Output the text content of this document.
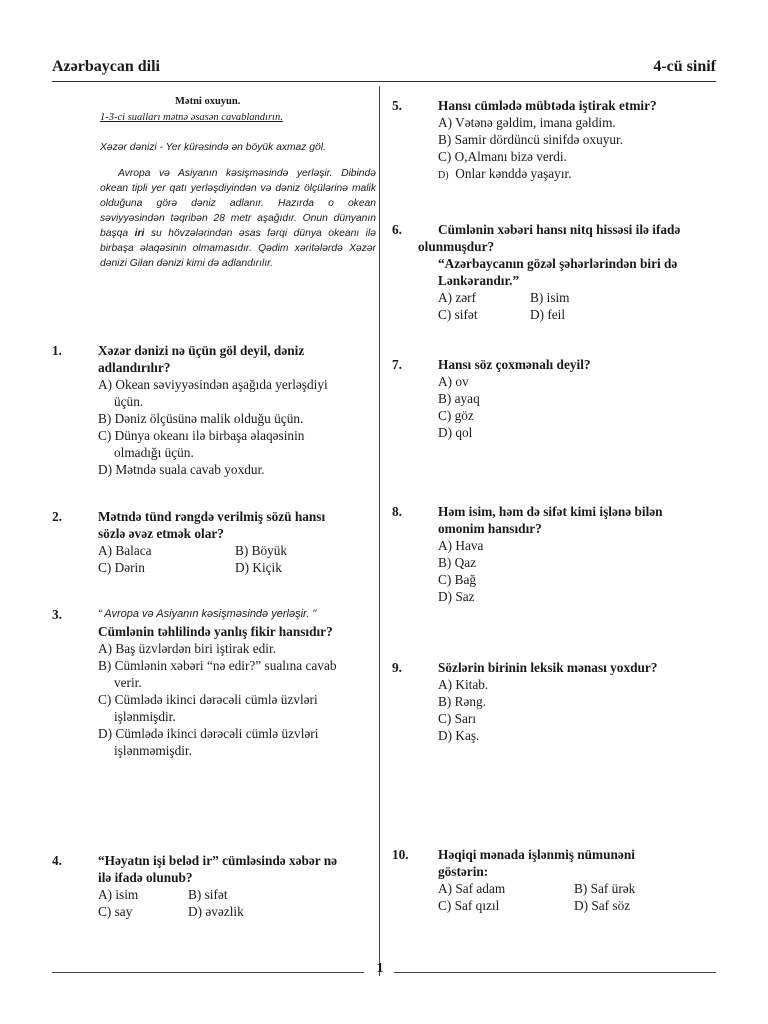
Azərbaycan dili	4-cü sinif
Mətni oxuyun.
1-3-ci sualları mətnə əsasən cavablandırın.
Xəzər dənizi - Yer kürəsində ən böyük axmaz göl.

Avropa və Asiyanın kəsişməsində yerləşir. Dibində okean tipli yer qatı yerləşdiyindən və dəniz ölçülərinə malik olduğuna görə dəniz adlanır. Hazırda o okean səviyyəsindən təqribən 28 metr aşağıdır. Onun dünyanın başqa iri su hövzələrindən əsas fərqi dünya okeanı ilə birbaşa əlaqəsinin olmamasıdır. Qədim xəritələrdə Xəzər dənizi Gilan dənizi kimi də adlandırılır.

1.	Xəzər dənizi nə üçün göl deyil, dəniz
adlandırılır?
A) Okean səviyyəsindən aşağıda yerləşdiyi
üçün.
B) Dəniz ölçüsünə malik olduğu üçün.
C) Dünya okeanı ilə birbaşa əlaqəsinin
olmadığı üçün.
D) Mətndə suala cavab yoxdur.
2.	Mətndə tünd rəngdə verilmiş sözü hansı
sözlə əvəz etmək olar?
A) Balaca	B) Böyük
C) Dərin	D) Kiçik
3.	“ Avropa və Asiyanın kəsişməsində yerləşir. "
Cümlənin təhlilində yanlış fikir hansıdır?
A) Baş üzvlərdən biri iştirak edir.
B) Cümlənin xəbəri “nə edir?” sualına cavab
verir.
C) Cümlədə ikinci dərəcəli cümlə üzvləri
işlənmişdir.
D) Cümlədə ikinci dərəcəli cümlə üzvləri
işlənməmişdir.
4.	“Həyatın işi beləd ir” cümləsində xəbər nə
ilə ifadə olunub?
A) isim	B) sifət
C) say	D) əvəzlik
5.	Hansı cümlədə mübtəda iştirak etmir?
A) Vətənə gəldim, imana gəldim.
B) Samir dördüncü sinifdə oxuyur.
C) O,Almanı bizə verdi.
D) Onlar kənddə yaşayır.
6.	Cümlənin xəbəri hansı nitq hissəsi ilə ifadə
olunmuşdur?
“Azərbaycanın gözəl şəhərlərindən biri də
Lənkərandır.”
A) zərf	B) isim
C) sifət	D) feil
7.	Hansı söz çoxmənalı deyil?
A) ov
B) ayaq
C) göz
D) qol
8.	Həm isim, həm də sifət kimi işlənə bilən
omonim hansıdır?
A) Hava
B) Qaz
C) Bağ
D) Saz
9.	Sözlərin birinin leksik mənası yoxdur?
A) Kitab.
B) Rəng.
C) Sarı
D) Kaş.
10. Həqiqi mənada işlənmiş nümunəni
göstərin:
A) Saf adam	B) Saf ürək
C) Saf qızıl	D) Saf söz
1
